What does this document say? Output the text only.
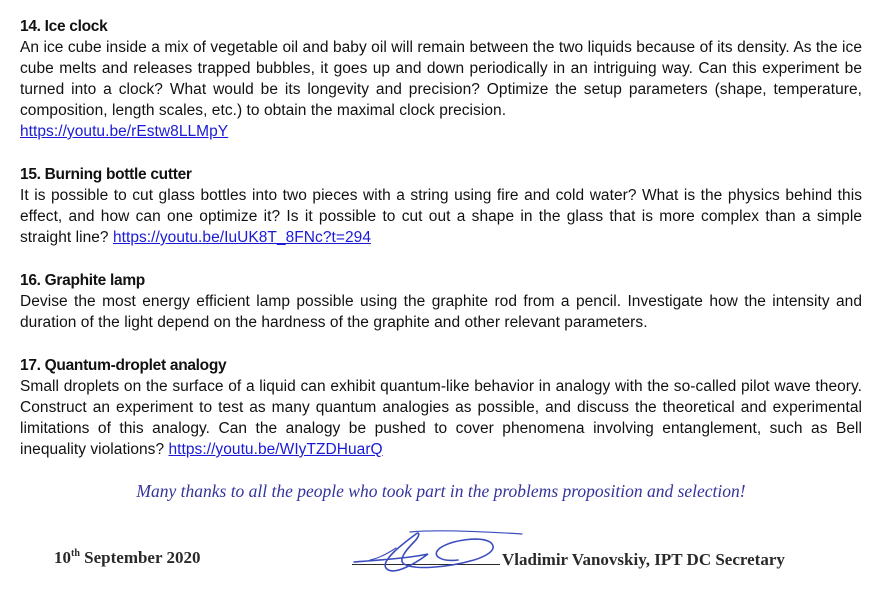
14. Ice clock
An ice cube inside a mix of vegetable oil and baby oil will remain between the two liquids because of its density. As the ice cube melts and releases trapped bubbles, it goes up and down periodically in an intriguing way. Can this experiment be turned into a clock? What would be its longevity and precision? Optimize the setup parameters (shape, temperature, composition, length scales, etc.) to obtain the maximal clock precision.
https://youtu.be/rEstw8LLMpY
15. Burning bottle cutter
It is possible to cut glass bottles into two pieces with a string using fire and cold water? What is the physics behind this effect, and how can one optimize it? Is it possible to cut out a shape in the glass that is more complex than a simple straight line? https://youtu.be/IuUK8T_8FNc?t=294
16. Graphite lamp
Devise the most energy efficient lamp possible using the graphite rod from a pencil. Investigate how the intensity and duration of the light depend on the hardness of the graphite and other relevant parameters.
17. Quantum-droplet analogy
Small droplets on the surface of a liquid can exhibit quantum-like behavior in analogy with the so-called pilot wave theory. Construct an experiment to test as many quantum analogies as possible, and discuss the theoretical and experimental limitations of this analogy. Can the analogy be pushed to cover phenomena involving entanglement, such as Bell inequality violations? https://youtu.be/WIyTZDHuarQ
Many thanks to all the people who took part in the problems proposition and selection!
10th September 2020	Vladimir Vanovskiy, IPT DC Secretary
